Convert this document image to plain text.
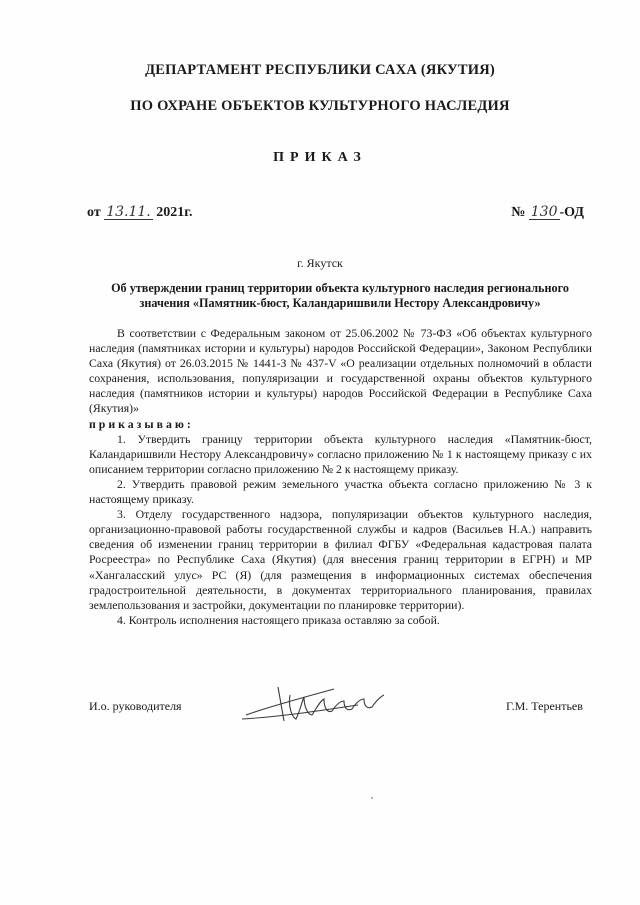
ДЕПАРТАМЕНТ РЕСПУБЛИКИ САХА (ЯКУТИЯ)
ПО ОХРАНЕ ОБЪЕКТОВ КУЛЬТУРНОГО НАСЛЕДИЯ
ПРИКАЗ
от 13.11. 2021г.	№ 130 -ОД
г. Якутск
Об утверждении границ территории объекта культурного наследия регионального значения «Памятник-бюст, Каландаришвили Нестору Александровичу»

В соответствии с Федеральным законом от 25.06.2002 № 73-ФЗ «Об объектах культурного наследия (памятниках истории и культуры) народов Российской Федерации», Законом Республики Саха (Якутия) от 26.03.2015 № 1441-З № 437-V «О реализации отдельных полномочий в области сохранения, использования, популяризации и государственной охраны объектов культурного наследия (памятников истории и культуры) народов Российской Федерации в Республике Саха (Якутия)»

приказываю:

1. Утвердить границу территории объекта культурного наследия «Памятник-бюст, Каландаришвили Нестору Александровичу» согласно приложению № 1 к настоящему приказу с их описанием территории согласно приложению № 2 к настоящему приказу.

2. Утвердить правовой режим земельного участка объекта согласно приложению № 3 к настоящему приказу.

3. Отделу государственного надзора, популяризации объектов культурного наследия, организационно-правовой работы государственной службы и кадров (Васильев Н.А.) направить сведения об изменении границ территории в филиал ФГБУ «Федеральная кадастровая палата Росреестра» по Республике Саха (Якутия) (для внесения границ территории в ЕГРН) и МР «Хангаласский улус» РС (Я) (для размещения в информационных системах обеспечения градостроительной деятельности, в документах территориального планирования, правилах землепользования и застройки, документации по планировке территории).

4. Контроль исполнения настоящего приказа оставляю за собой.

И.о. руководителя	Г.М. Терентьев
